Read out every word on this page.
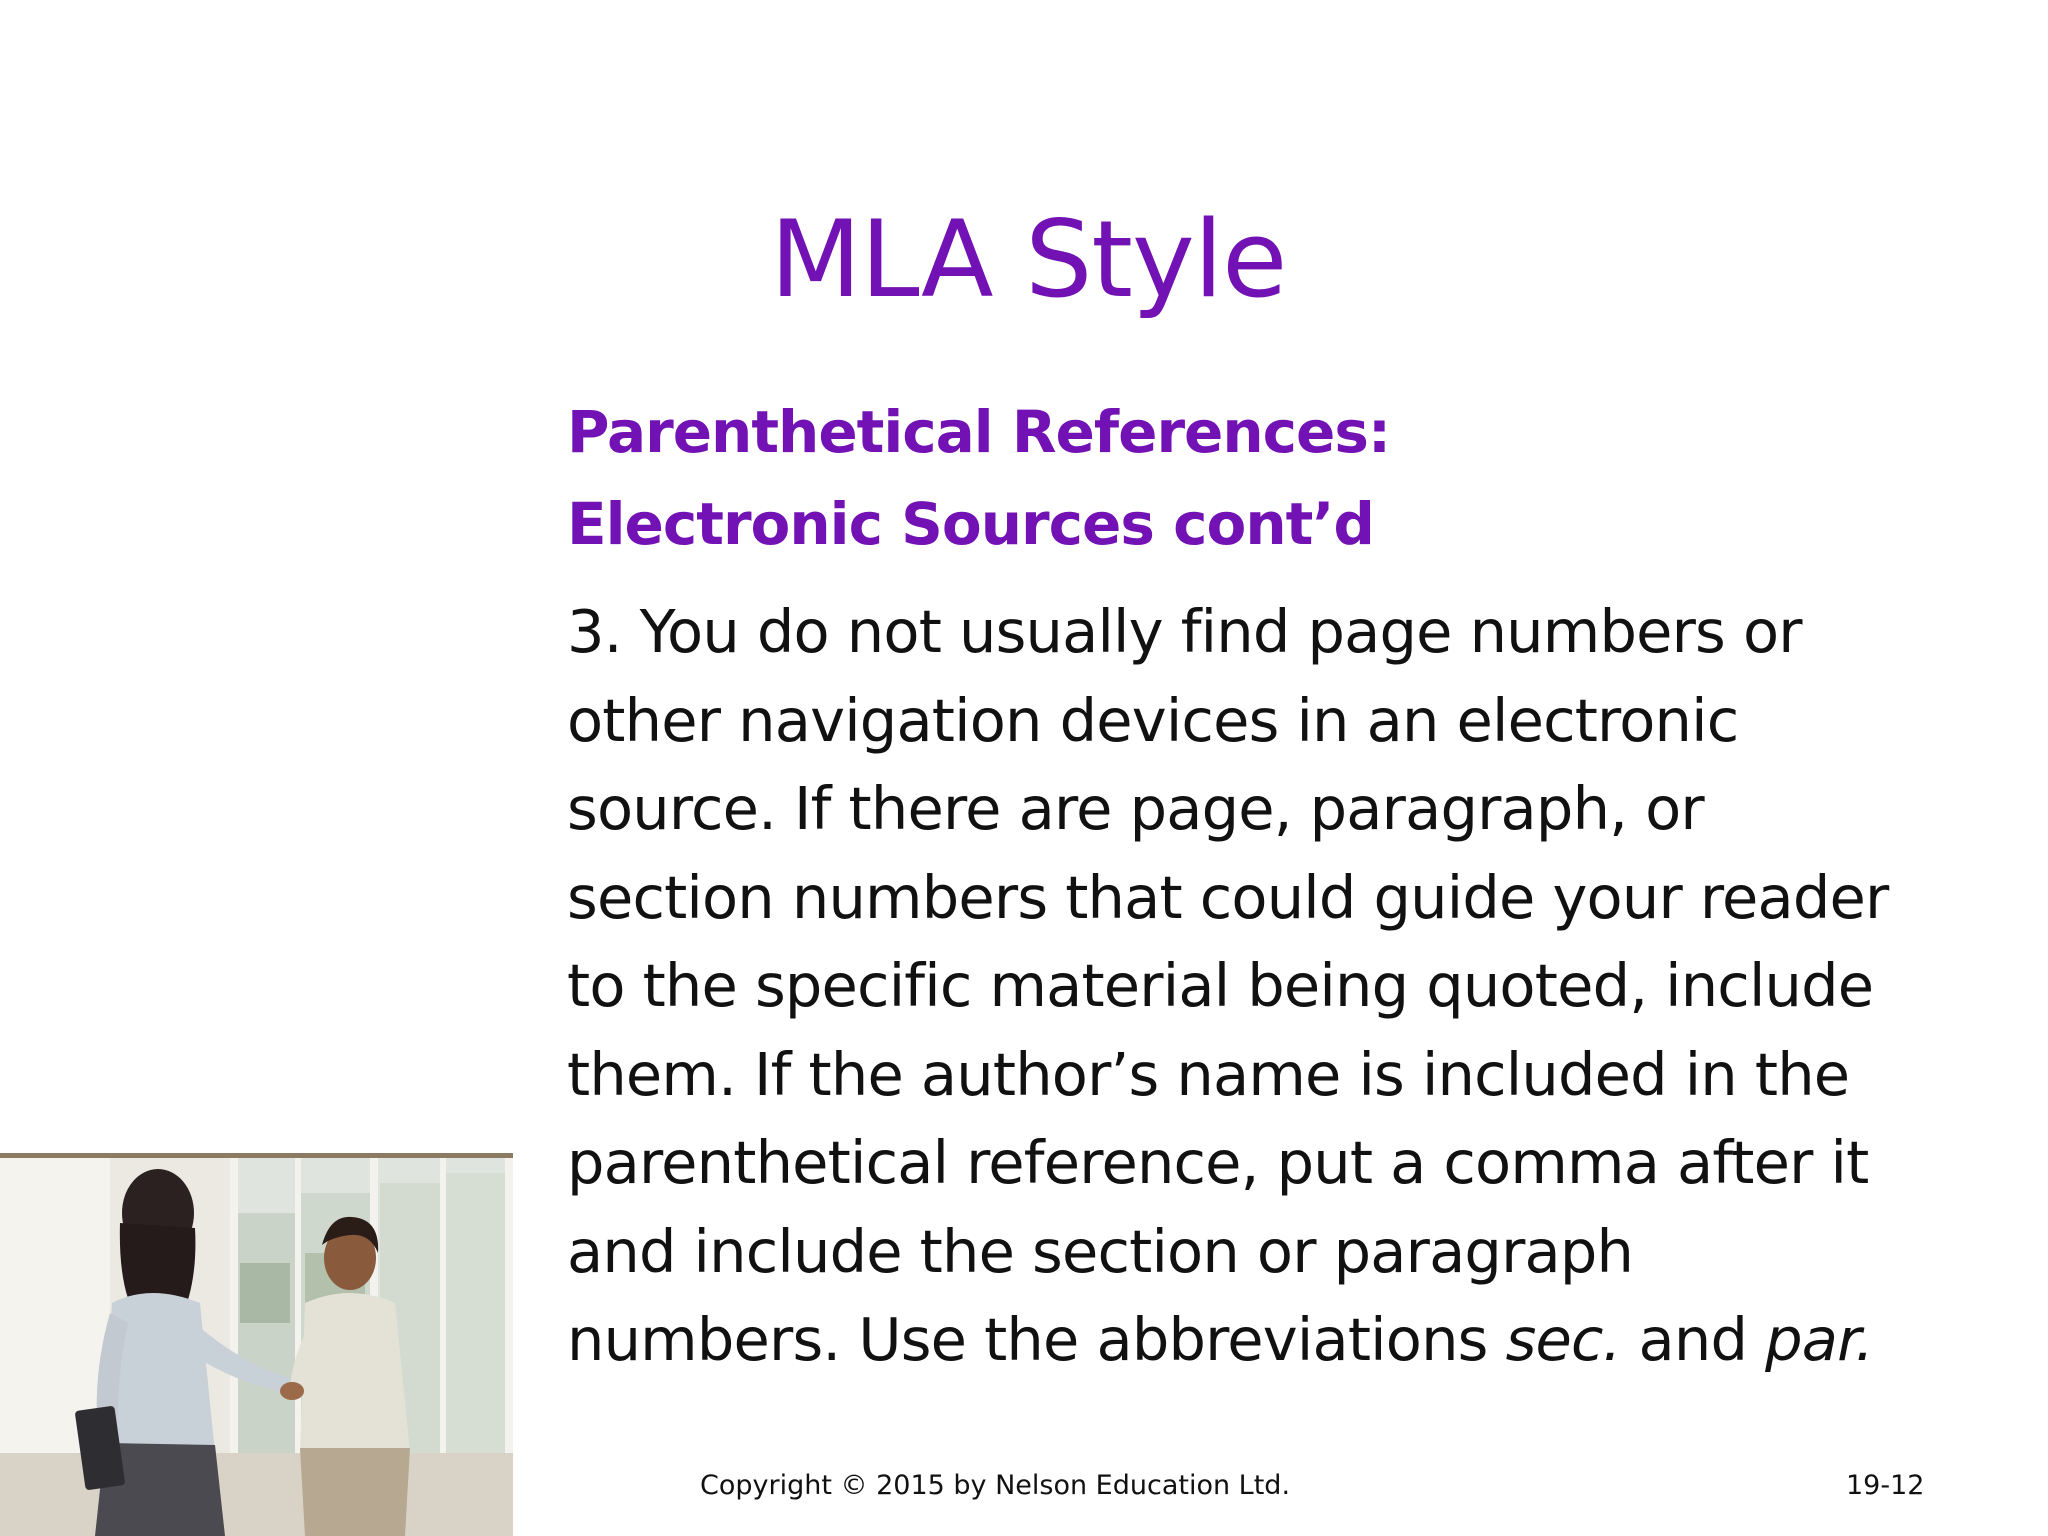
MLA Style
Parenthetical References:
Electronic Sources cont’d
3. You do not usually find page numbers or
other navigation devices in an electronic
source. If there are page, paragraph, or
section numbers that could guide your reader
to the specific material being quoted, include
them. If the author’s name is included in the
parenthetical reference, put a comma after it
and include the section or paragraph
numbers. Use the abbreviations sec. and par.
Copyright © 2015 by Nelson Education Ltd.	19-12
